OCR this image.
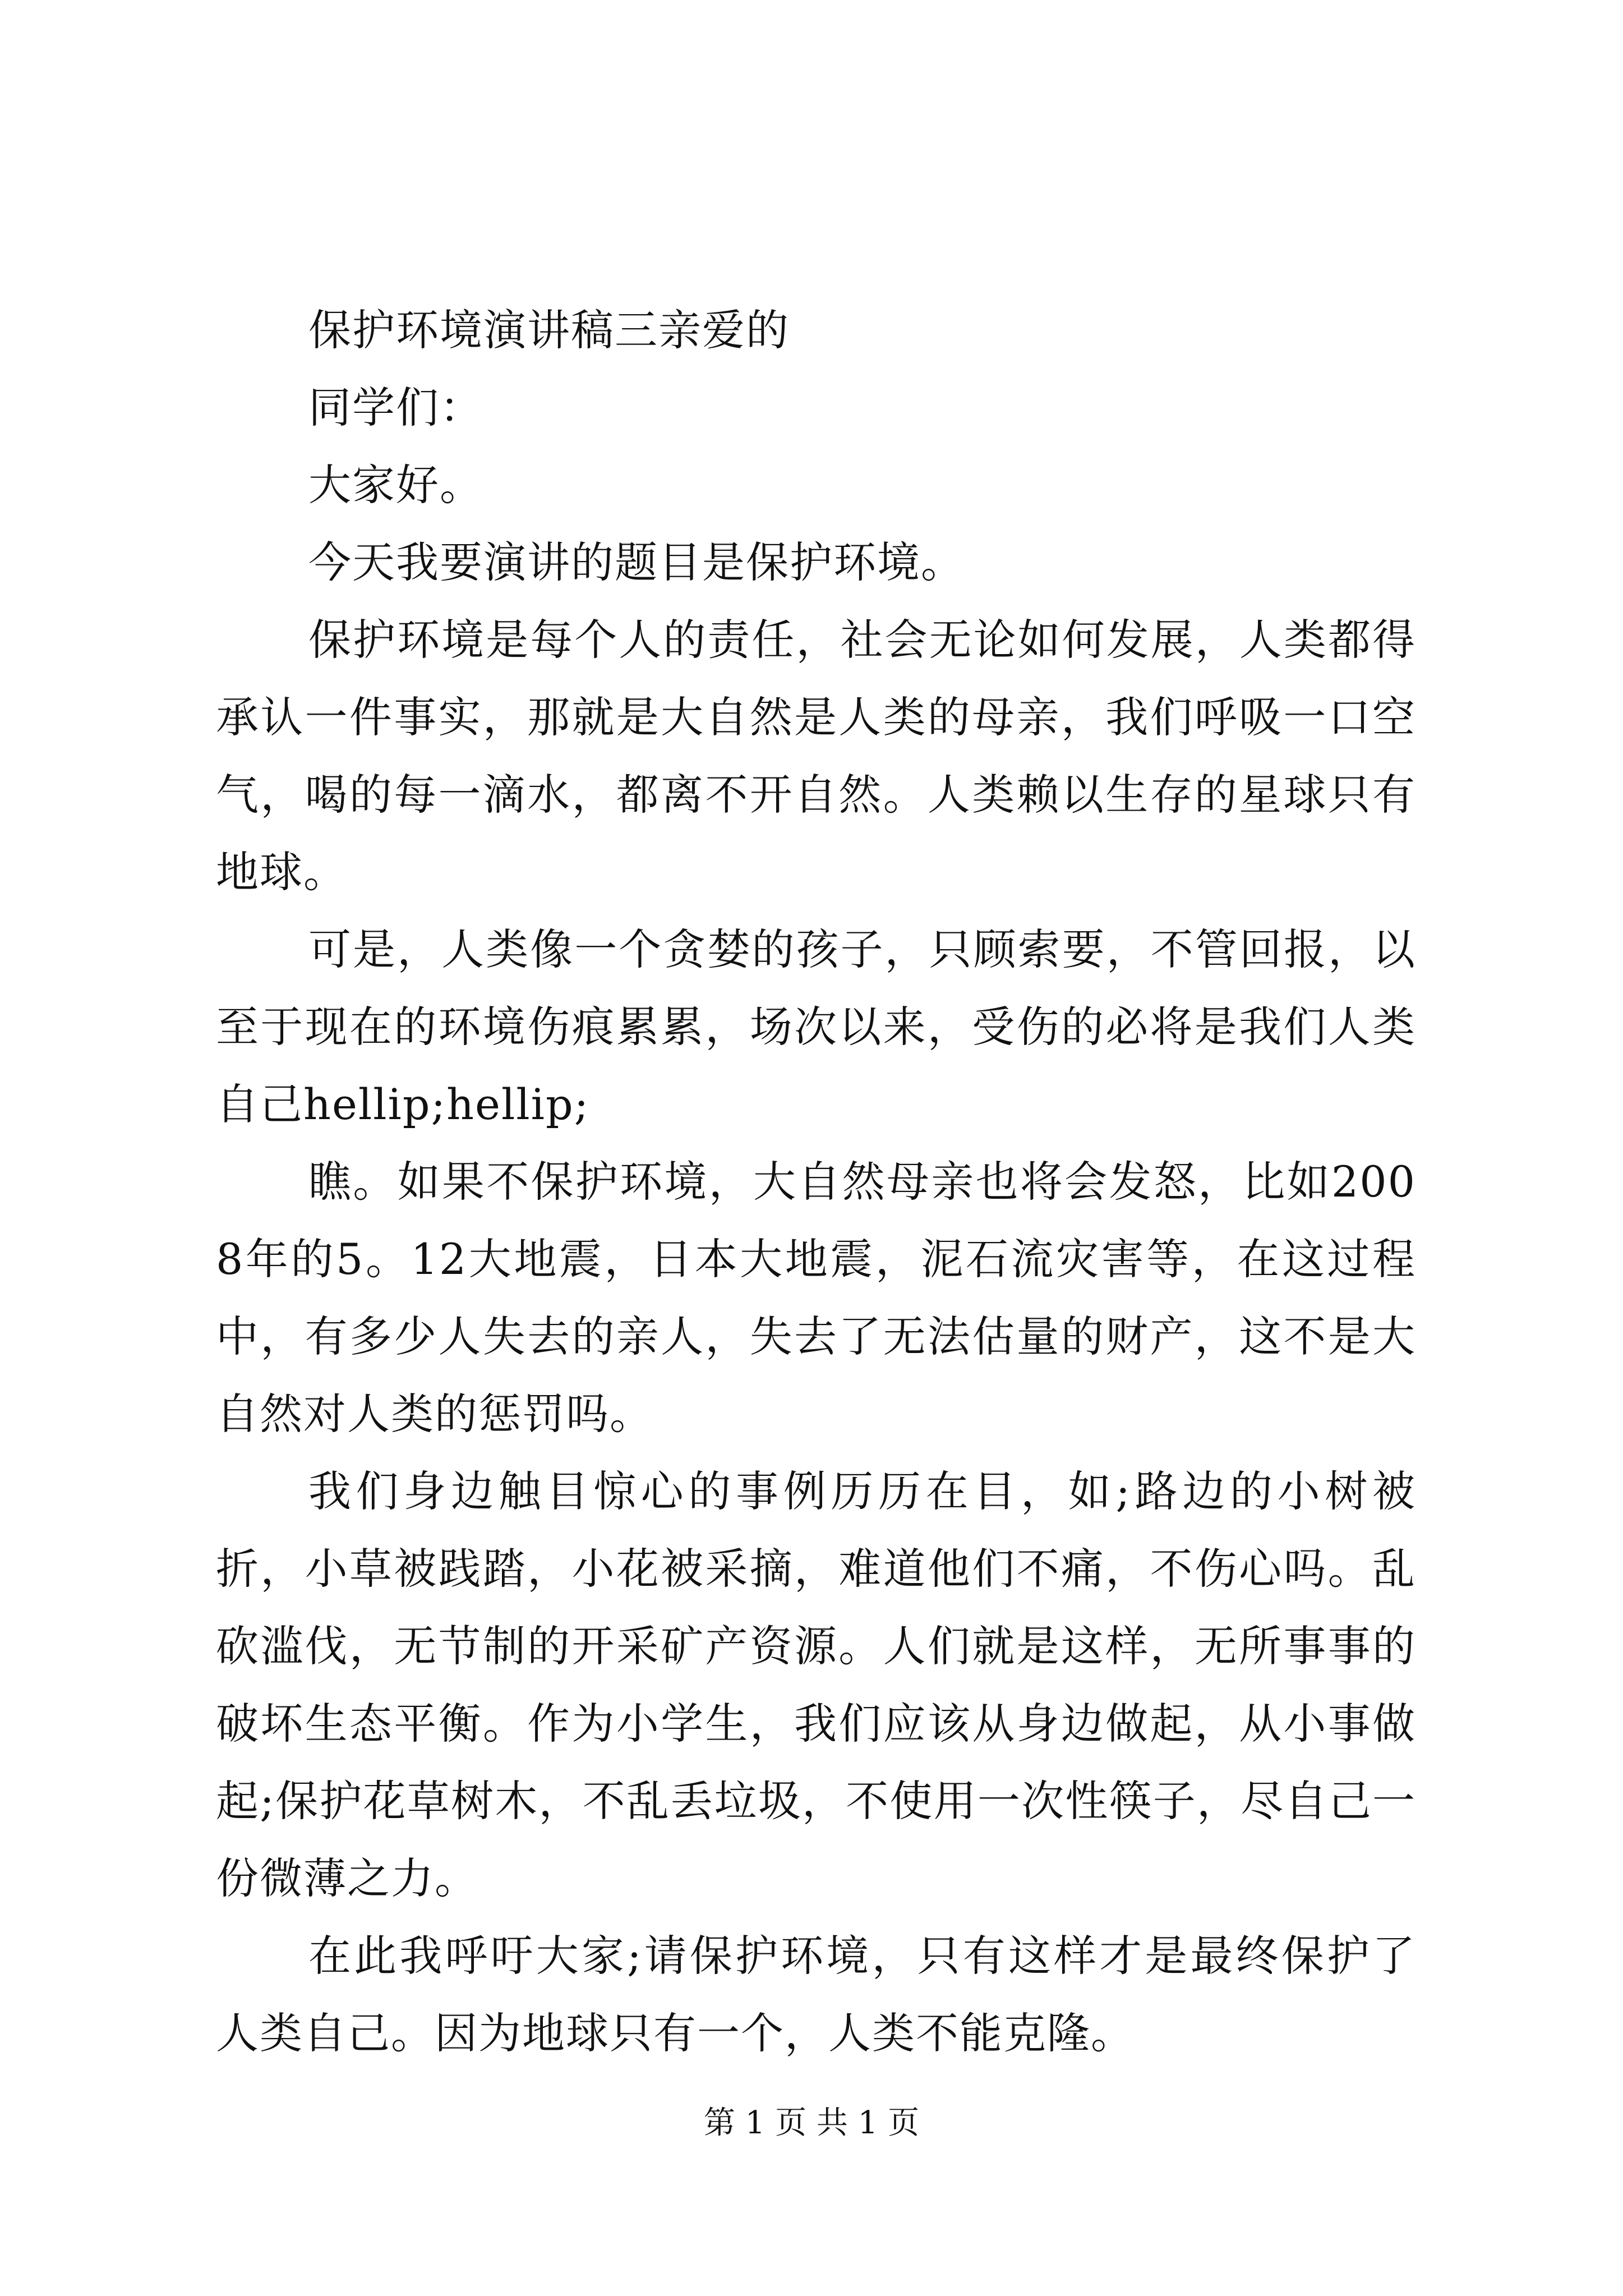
保护环境演讲稿三亲爱的

同学们：

大家好。

今天我要演讲的题目是保护环境。

保护环境是每个人的责任，社会无论如何发展，人类都得承认一件事实，那就是大自然是人类的母亲，我们呼吸一口空气，喝的每一滴水，都离不开自然。人类赖以生存的星球只有地球。

可是，人类像一个贪婪的孩子，只顾索要，不管回报，以至于现在的环境伤痕累累，场次以来，受伤的必将是我们人类自己hellip;hellip;

瞧。如果不保护环境，大自然母亲也将会发怒，比如2008年的5。12大地震，日本大地震，泥石流灾害等，在这过程中，有多少人失去的亲人，失去了无法估量的财产，这不是大自然对人类的惩罚吗。

我们身边触目惊心的事例历历在目，如;路边的小树被折，小草被践踏，小花被采摘，难道他们不痛，不伤心吗。乱砍滥伐，无节制的开采矿产资源。人们就是这样，无所事事的破坏生态平衡。作为小学生，我们应该从身边做起，从小事做起;保护花草树木，不乱丢垃圾，不使用一次性筷子，尽自己一份微薄之力。

在此我呼吁大家;请保护环境，只有这样才是最终保护了人类自己。因为地球只有一个，人类不能克隆。

第 1 页 共 1 页
